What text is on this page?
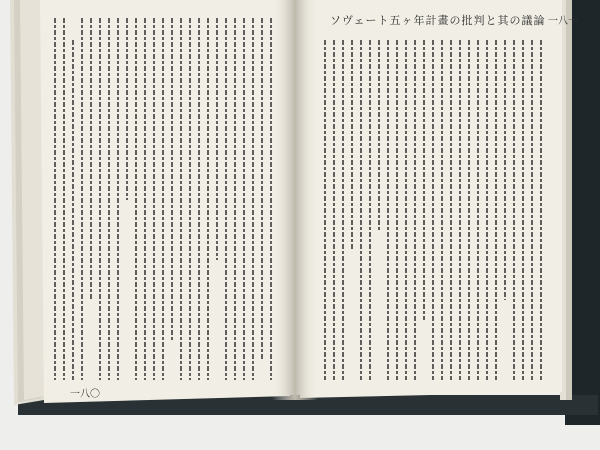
ソヴェート五ヶ年計畫の批判と其の議論
一八〇
一八一
